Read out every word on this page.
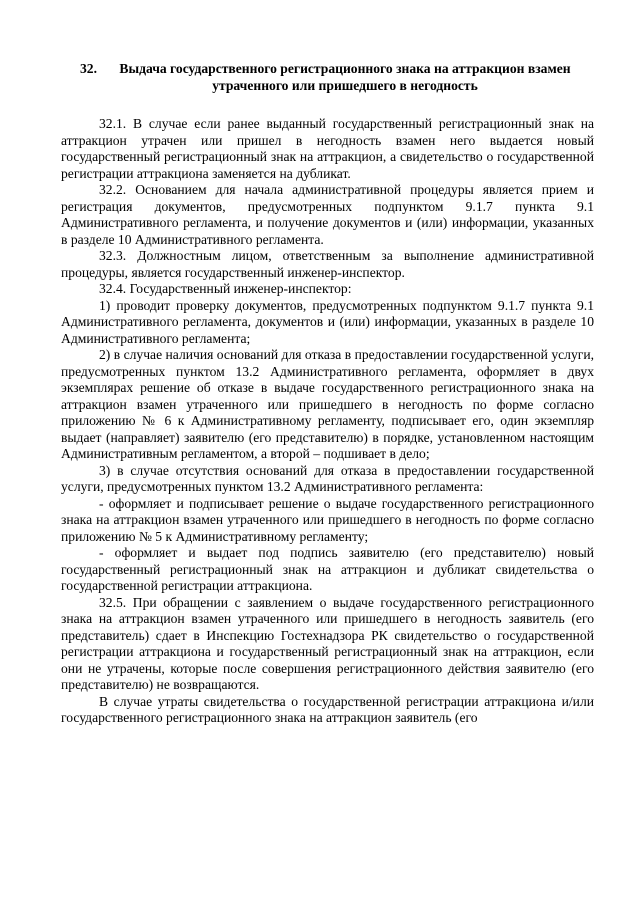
32.	Выдача государственного регистрационного знака на аттракцион взамен утраченного или пришедшего в негодность

32.1. В случае если ранее выданный государственный регистрационный знак на аттракцион утрачен или пришел в негодность взамен него выдается новый государственный регистрационный знак на аттракцион, а свидетельство о государственной регистрации аттракциона заменяется на дубликат.

32.2. Основанием для начала административной процедуры является прием и регистрация документов, предусмотренных подпунктом 9.1.7 пункта 9.1 Административного регламента, и получение документов и (или) информации, указанных в разделе 10 Административного регламента.

32.3. Должностным лицом, ответственным за выполнение административной процедуры, является государственный инженер-инспектор.

32.4. Государственный инженер-инспектор:

1) проводит проверку документов, предусмотренных подпунктом 9.1.7 пункта 9.1 Административного регламента, документов и (или) информации, указанных в разделе 10 Административного регламента;

2) в случае наличия оснований для отказа в предоставлении государственной услуги, предусмотренных пунктом 13.2 Административного регламента, оформляет в двух экземплярах решение об отказе в выдаче государственного регистрационного знака на аттракцион взамен утраченного или пришедшего в негодность по форме согласно приложению № 6 к Административному регламенту, подписывает его, один экземпляр выдает (направляет) заявителю (его представителю) в порядке, установленном настоящим Административным регламентом, а второй – подшивает в дело;

3) в случае отсутствия оснований для отказа в предоставлении государственной услуги, предусмотренных пунктом 13.2 Административного регламента:

- оформляет и подписывает решение о выдаче государственного регистрационного знака на аттракцион взамен утраченного или пришедшего в негодность по форме согласно приложению № 5 к Административному регламенту;

- оформляет и выдает под подпись заявителю (его представителю) новый государственный регистрационный знак на аттракцион и дубликат свидетельства о государственной регистрации аттракциона.

32.5. При обращении с заявлением о выдаче государственного регистрационного знака на аттракцион взамен утраченного или пришедшего в негодность заявитель (его представитель) сдает в Инспекцию Гостехнадзора РК свидетельство о государственной регистрации аттракциона и государственный регистрационный знак на аттракцион, если они не утрачены, которые после совершения регистрационного действия заявителю (его представителю) не возвращаются.

В случае утраты свидетельства о государственной регистрации аттракциона и/или государственного регистрационного знака на аттракцион заявитель (его
